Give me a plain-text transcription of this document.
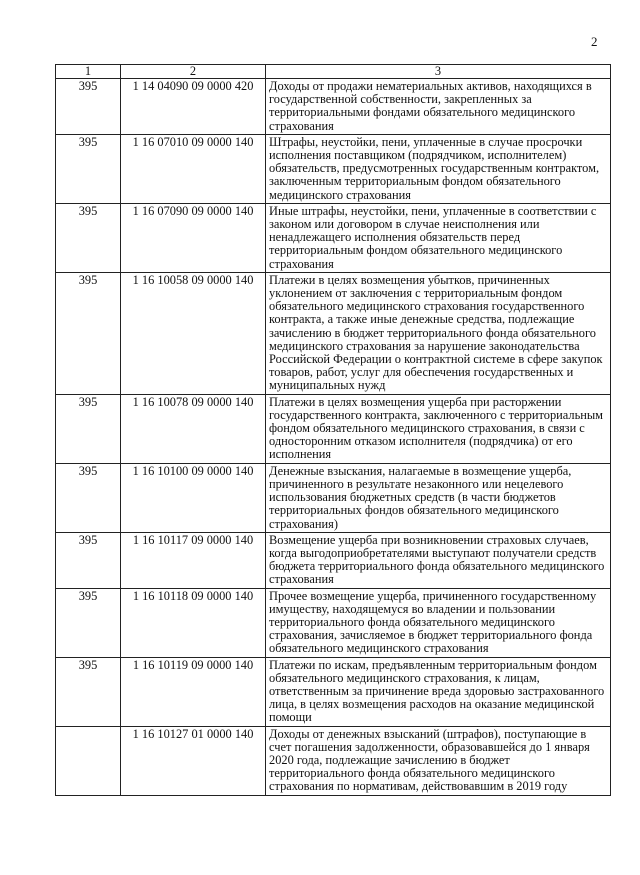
2
1	2	3
395	1 14 04090 09 0000 420	Доходы от продажи нематериальных активов, находящихся в государственной собственности, закрепленных за территориальными фондами обязательного медицинского страхования
395	1 16 07010 09 0000 140	Штрафы, неустойки, пени, уплаченные в случае просрочки исполнения поставщиком (подрядчиком, исполнителем) обязательств, предусмотренных государственным контрактом, заключенным территориальным фондом обязательного медицинского страхования
395	1 16 07090 09 0000 140	Иные штрафы, неустойки, пени, уплаченные в соответствии с законом или договором в случае неисполнения или ненадлежащего исполнения обязательств перед территориальным фондом обязательного медицинского страхования
395	1 16 10058 09 0000 140	Платежи в целях возмещения убытков, причиненных уклонением от заключения с территориальным фондом обязательного медицинского страхования государственного контракта, а также иные денежные средства, подлежащие зачислению в бюджет территориального фонда обязательного медицинского страхования за нарушение законодательства Российской Федерации о контрактной системе в сфере закупок товаров, работ, услуг для обеспечения государственных и муниципальных нужд
395	1 16 10078 09 0000 140	Платежи в целях возмещения ущерба при расторжении государственного контракта, заключенного с территориальным фондом обязательного медицинского страхования, в связи с односторонним отказом исполнителя (подрядчика) от его исполнения
395	1 16 10100 09 0000 140	Денежные взыскания, налагаемые в возмещение ущерба, причиненного в результате незаконного или нецелевого использования бюджетных средств (в части бюджетов территориальных фондов обязательного медицинского страхования)
395	1 16 10117 09 0000 140	Возмещение ущерба при возникновении страховых случаев, когда выгодоприобретателями выступают получатели средств бюджета территориального фонда обязательного медицинского страхования
395	1 16 10118 09 0000 140	Прочее возмещение ущерба, причиненного государственному имуществу, находящемуся во владении и пользовании территориального фонда обязательного медицинского страхования, зачисляемое в бюджет территориального фонда обязательного медицинского страхования
395	1 16 10119 09 0000 140	Платежи по искам, предъявленным территориальным фондом обязательного медицинского страхования, к лицам, ответственным за причинение вреда здоровью застрахованного лица, в целях возмещения расходов на оказание медицинской помощи
	1 16 10127 01 0000 140	Доходы от денежных взысканий (штрафов), поступающие в счет погашения задолженности, образовавшейся до 1 января 2020 года, подлежащие зачислению в бюджет территориального фонда обязательного медицинского страхования по нормативам, действовавшим в 2019 году
